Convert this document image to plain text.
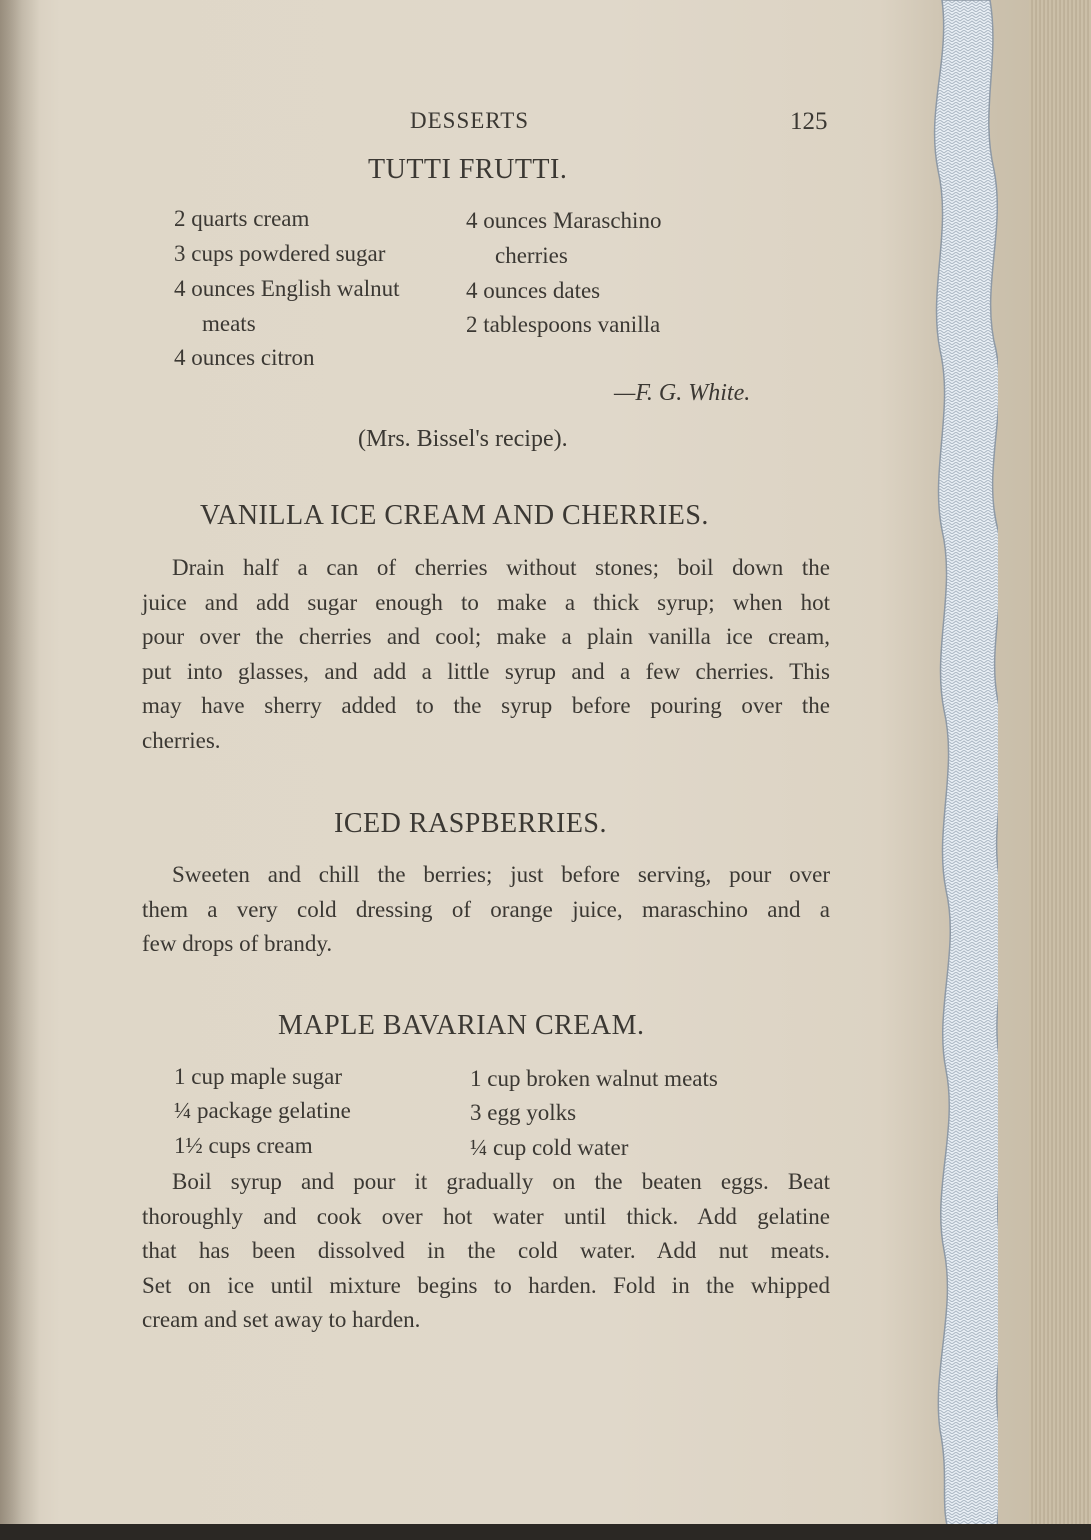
DESSERTS	125
TUTTI FRUTTI.
2 quarts cream
3 cups powdered sugar
4 ounces English walnut
meats
4 ounces citron
4 ounces Maraschino
cherries
4 ounces dates
2 tablespoons vanilla
—F. G. White.
(Mrs. Bissel's recipe).
VANILLA ICE CREAM AND CHERRIES.

Drain half a can of cherries without stones; boil down the
juice and add sugar enough to make a thick syrup; when hot
pour over the cherries and cool; make a plain vanilla ice cream,
put into glasses, and add a little syrup and a few cherries. This
may have sherry added to the syrup before pouring over the
cherries.

ICED RASPBERRIES.

Sweeten and chill the berries; just before serving, pour over
them a very cold dressing of orange juice, maraschino and a
few drops of brandy.

MAPLE BAVARIAN CREAM.
1 cup maple sugar
¼ package gelatine
1½ cups cream
1 cup broken walnut meats
3 egg yolks
¼ cup cold water

Boil syrup and pour it gradually on the beaten eggs. Beat
thoroughly and cook over hot water until thick. Add gelatine
that has been dissolved in the cold water. Add nut meats.
Set on ice until mixture begins to harden. Fold in the whipped
cream and set away to harden.
